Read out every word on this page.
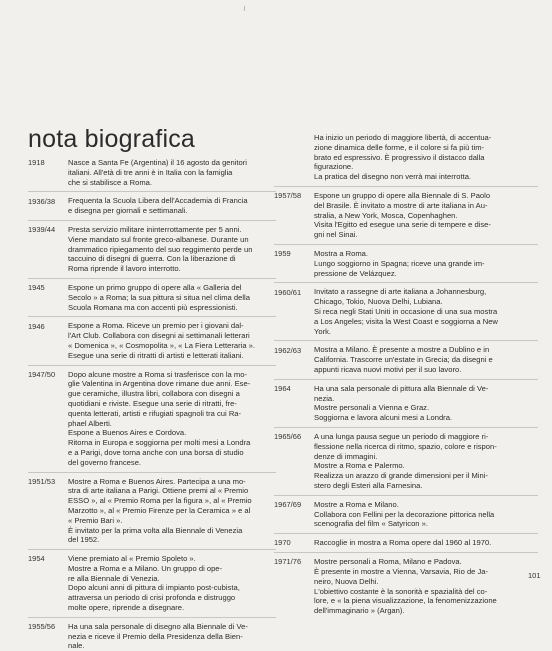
nota biografica
1918	Nasce a Santa Fe (Argentina) il 16 agosto da genitori
italiani. All'età di tre anni è in Italia con la famiglia
che si stabilisce a Roma.
1936/38	Frequenta la Scuola Libera dell'Accademia di Francia
e disegna per giornali e settimanali.
1939/44	Presta servizio militare ininterrottamente per 5 anni.
Viene mandato sul fronte greco-albanese. Durante un
drammatico ripiegamento del suo reggimento perde un
taccuino di disegni di guerra. Con la liberazione di
Roma riprende il lavoro interrotto.
1945	Espone un primo gruppo di opere alla « Galleria del
Secolo » a Roma; la sua pittura si situa nel clima della
Scuola Romana ma con accenti più espressionisti.
1946	Espone a Roma. Riceve un premio per i giovani dal-
l'Art Club. Collabora con disegni ai settimanali letterari
« Domenica », « Cosmopolita », « La Fiera Letteraria ».
Esegue una serie di ritratti di artisti e letterati italiani.
1947/50	Dopo alcune mostre a Roma si trasferisce con la mo-
glie Valentina in Argentina dove rimane due anni. Ese-
gue ceramiche, illustra libri, collabora con disegni a
quotidiani e riviste. Esegue una serie di ritratti, fre-
quenta letterati, artisti e rifugiati spagnoli tra cui Ra-
phael Alberti.
Espone a Buenos Aires e Cordova.
Ritorna in Europa e soggiorna per molti mesi a Londra
e a Parigi, dove torna anche con una borsa di studio
del governo francese.
1951/53	Mostre a Roma e Buenos Aires. Partecipa a una mo-
stra di arte italiana a Parigi. Ottiene premi al « Premio
ESSO », al « Premio Roma per la figura », al « Premio
Marzotto », al « Premio Firenze per la Ceramica » e al
« Premio Bari ».
È invitato per la prima volta alla Biennale di Venezia
del 1952.
1954	Viene premiato al « Premio Spoleto ».
Mostre a Roma e a Milano. Un gruppo di ope-
re alla Biennale di Venezia.
Dopo alcuni anni di pittura di impianto post-cubista,
attraversa un periodo di crisi profonda e distruggo
molte opere, riprende a disegnare.
1955/56	Ha una sala personale di disegno alla Biennale di Ve-
nezia e riceve il Premio della Presidenza della Bien-
nale.
Ha inizio un periodo di maggiore libertà, di accentua-
zione dinamica delle forme, e il colore si fa più tim-
brato ed espressivo. È progressivo il distacco dalla
figurazione.
La pratica del disegno non verrà mai interrotta.
1957/58	Espone un gruppo di opere alla Biennale di S. Paolo
del Brasile. È invitato a mostre di arte italiana in Au-
stralia, a New York, Mosca, Copenhaghen.
Visita l'Egitto ed esegue una serie di tempere e dise-
gni nel Sinai.
1959	Mostra a Roma.
Lungo soggiorno in Spagna; riceve una grande im-
pressione de Velázquez.
1960/61	Invitato a rassegne di arte italiana a Johannesburg,
Chicago, Tokio, Nuova Delhi, Lubiana.
Si reca negli Stati Uniti in occasione di una sua mostra
a Los Angeles; visita la West Coast e soggiorna a New
York.
1962/63	Mostra a Milano. È presente a mostre a Dublino e in
California. Trascorre un'estate in Grecia; da disegni e
appunti ricava nuovi motivi per il suo lavoro.
1964	Ha una sala personale di pittura alla Biennale di Ve-
nezia.
Mostre personali a Vienna e Graz.
Soggiorna e lavora alcuni mesi a Londra.
1965/66	A una lunga pausa segue un periodo di maggiore ri-
flessione nella ricerca di ritmo, spazio, colore e rispon-
denze di immagini.
Mostre a Roma e Palermo.
Realizza un arazzo di grande dimensioni per il Mini-
stero degli Esteri alla Farnesina.
1967/69	Mostre a Roma e Milano.
Collabora con Fellini per la decorazione pittorica nella
scenografia del film « Satyricon ».
1970	Raccoglie in mostra a Roma opere dal 1960 al 1970.
1971/76	Mostre personali a Roma, Milano e Padova.
È presente in mostre a Vienna, Varsavia, Rio de Ja-
neiro, Nuova Delhi.
L'obiettivo costante è la sonorità e spazialità del co-
lore, e « la piena visualizzazione, la fenomenizzazione
dell'immaginario » (Argan).
101
